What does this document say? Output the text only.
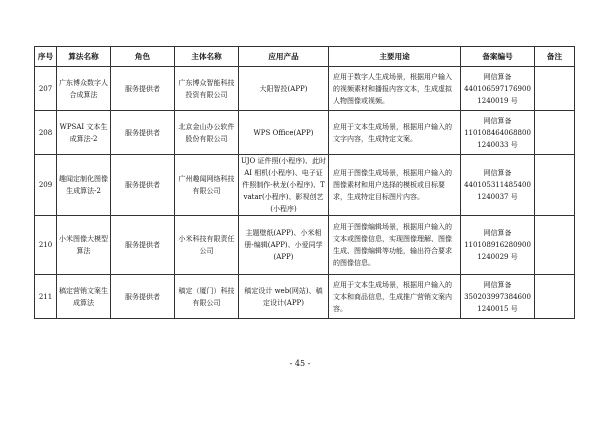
序号	算法名称	角色	主体名称	应用产品	主要用途	备案编号	备注
207	广东博众数字人合成算法	服务提供者	广东博众智能科技投资有限公司	大阳智投(APP)	应用于数字人生成场景，根据用户输入的视频素材和播报内容文本，生成虚拟人物图像或视频。	网信算备
440106597176900
1240019 号	

208	WPSAI 文本生成算法-2	服务提供者	北京金山办公软件股份有限公司	WPS Office(APP)	应用于文本生成场景，根据用户输入的文字内容，生成特定文案。	网信算备
110108464068800
1240033 号	

209	趣闻定制化图像生成算法-2	服务提供者	广州趣闻网络科技有限公司	UJO 证件照(小程序)、此时 AI 相机(小程序)、电子证件照制作-秋龙(小程序)、Tvatar(小程序)、影视创艺(小程序)	应用于图像生成场景，根据用户输入的图像素材和用户选择的模板或目标要求，生成特定目标图片内容。	网信算备
440105311485400
1240037 号	

210	小米图像大模型算法	服务提供者	小米科技有限责任公司	主题壁纸(APP)、小米相册-编辑(APP)、小爱同学(APP)	应用于图像编辑场景，根据用户输入的文本或图像信息，实现图像理解、图像生成、图像编辑等功能，输出符合要求的图像信息。	网信算备
110108916280900
1240029 号	

211	稿定营销文案生成算法	服务提供者	稿定（厦门）科技有限公司	稿定设计 web(网站)、稿定设计(APP)	应用于文本生成场景，根据用户输入的文本和商品信息，生成推广营销文案内容。	网信算备
350203997384600
1240015 号	

- 45 -
